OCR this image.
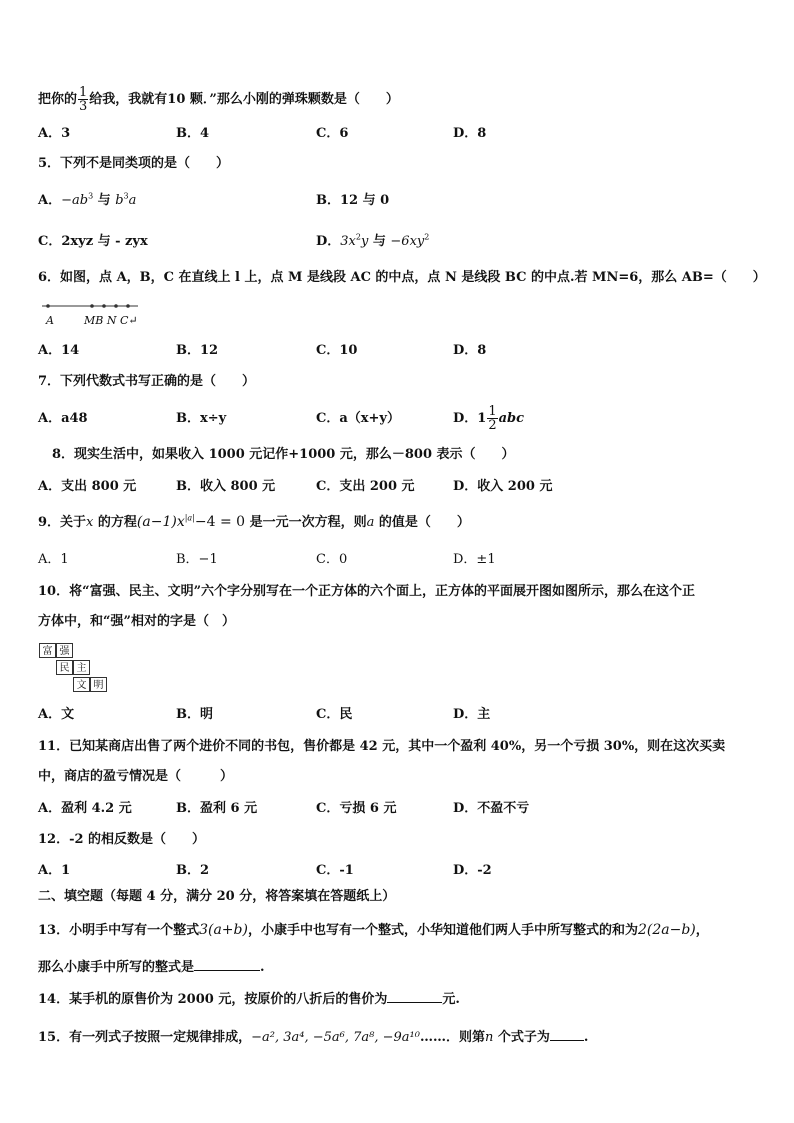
把你的 $\frac{1}{3}$ 给我，我就有10 颗．”那么小刚的弹珠颗数是（　　）
A．3	B．4	C．6	D．8
5．下列不是同类项的是（　　）
A．$-ab^3$ 与 $b^3a$	B．12 与 0
C．2xyz 与 - zyx	D．$3x^2y$ 与 $-6xy^2$
6．如图，点 A，B，C 在直线上 l 上，点 M 是线段 AC 的中点，点 N 是线段 BC 的中点.若 MN=6，那么 AB=（　　）
A	MB N C↵
A．14	B．12	C．10	D．8
7．下列代数式书写正确的是（　　）
A．a48	B．x÷y	C．a（x+y）	D．$1 \frac{1}{2}$ abc
8．现实生活中，如果收入 1000 元记作+1000 元，那么－800 表示（　　）
A．支出 800 元	B．收入 800 元	C．支出 200 元	D．收入 200 元
9．关于x 的方程$(a-1)x^{|a|}-4 = 0$ 是一元一次方程，则a 的值是（　　）
A．1	B．−1	C．0	D．±1
10．将“富强、民主、文明”六个字分别写在一个正方体的六个面上，正方体的平面展开图如图所示，那么在这个正
方体中，和“强”相对的字是（　）
富 强
民 主
文 明
A．文	B．明	C．民	D．主
11．已知某商店出售了两个进价不同的书包，售价都是 42 元，其中一个盈利 40%，另一个亏损 30%，则在这次买卖
中，商店的盈亏情况是（　　　）
A．盈利 4.2 元	B．盈利 6 元	C．亏损 6 元	D．不盈不亏
12．-2 的相反数是（　　）
A．1	B．2	C．-1	D．-2
二、填空题（每题 4 分，满分 20 分，将答案填在答题纸上）
13．小明手中写有一个整式3(a+b)，小康手中也写有一个整式，小华知道他们两人手中所写整式的和为2(2a−b)，
那么小康手中所写的整式是	.
14．某手机的原售价为 2000 元，按原价的八折后的售价为	元.
15．有一列式子按照一定规律排成，−a², 3a⁴, −5a⁶, 7a⁸, −9a¹⁰……．则第n 个式子为	.
